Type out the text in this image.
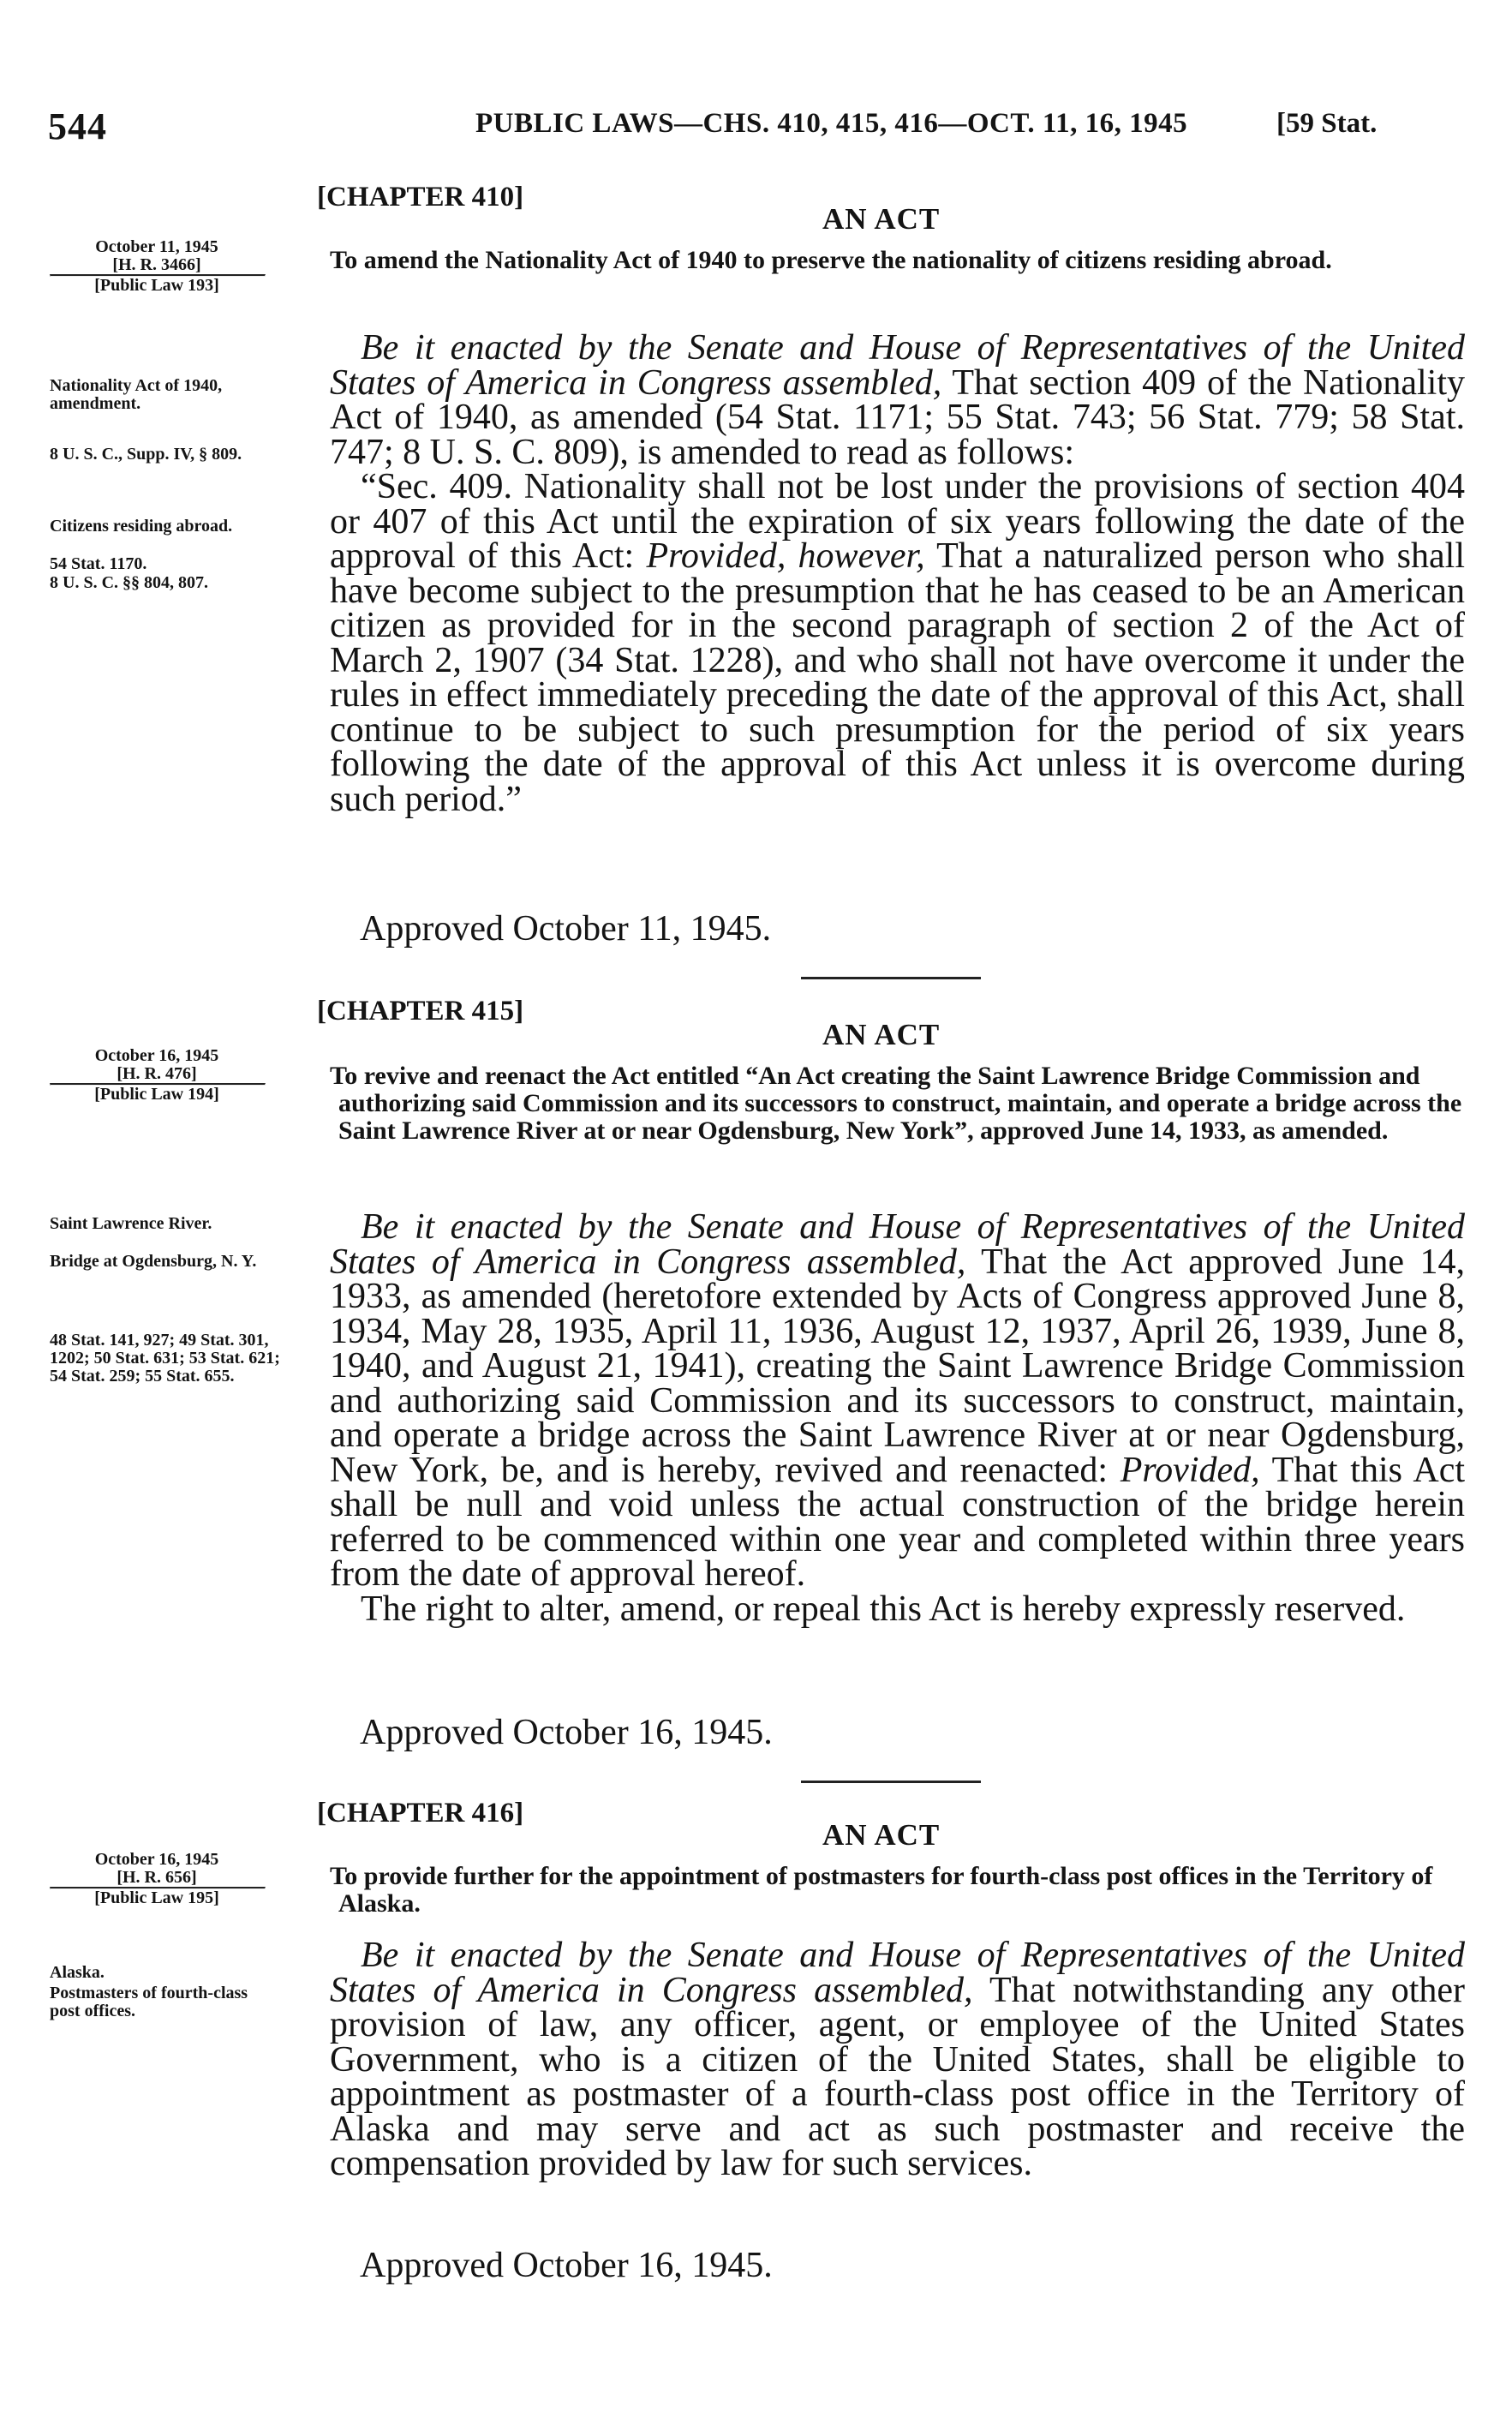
544	PUBLIC LAWS—CHS. 410, 415, 416—OCT. 11, 16, 1945	[59 Stat.
[CHAPTER 410]
AN ACT
To amend the Nationality Act of 1940 to preserve the nationality of citizens residing abroad.

October 11, 1945

[H. R. 3466]

[Public Law 193]

Nationality Act of 1940, amendment.
8 U. S. C., Supp. IV, § 809.
Citizens residing abroad.
54 Stat. 1170.
8 U. S. C. §§ 804, 807.

Be it enacted by the Senate and House of Representatives of the United States of America in Congress assembled, That section 409 of the Nationality Act of 1940, as amended (54 Stat. 1171; 55 Stat. 743; 56 Stat. 779; 58 Stat. 747; 8 U. S. C. 809), is amended to read as follows:

“Sec. 409. Nationality shall not be lost under the provisions of section 404 or 407 of this Act until the expiration of six years following the date of the approval of this Act: Provided, however, That a naturalized person who shall have become subject to the presumption that he has ceased to be an American citizen as provided for in the second paragraph of section 2 of the Act of March 2, 1907 (34 Stat. 1228), and who shall not have overcome it under the rules in effect immediately preceding the date of the approval of this Act, shall continue to be subject to such presumption for the period of six years following the date of the approval of this Act unless it is overcome during such period.”

Approved October 11, 1945.
[CHAPTER 415]
AN ACT
To revive and reenact the Act entitled “An Act creating the Saint Lawrence Bridge Commission and authorizing said Commission and its successors to construct, maintain, and operate a bridge across the Saint Lawrence River at or near Ogdensburg, New York”, approved June 14, 1933, as amended.

October 16, 1945

[H. R. 476]

[Public Law 194]

Saint Lawrence River.
Bridge at Ogdensburg, N. Y.
48 Stat. 141, 927; 49 Stat. 301, 1202; 50 Stat. 631; 53 Stat. 621; 54 Stat. 259; 55 Stat. 655.

Be it enacted by the Senate and House of Representatives of the United States of America in Congress assembled, That the Act approved June 14, 1933, as amended (heretofore extended by Acts of Congress approved June 8, 1934, May 28, 1935, April 11, 1936, August 12, 1937, April 26, 1939, June 8, 1940, and August 21, 1941), creating the Saint Lawrence Bridge Commission and authorizing said Commission and its successors to construct, maintain, and operate a bridge across the Saint Lawrence River at or near Ogdensburg, New York, be, and is hereby, revived and reenacted: Provided, That this Act shall be null and void unless the actual construction of the bridge herein referred to be commenced within one year and completed within three years from the date of approval hereof.

The right to alter, amend, or repeal this Act is hereby expressly reserved.

Approved October 16, 1945.
[CHAPTER 416]
AN ACT
To provide further for the appointment of postmasters for fourth-class post offices in the Territory of Alaska.

October 16, 1945

[H. R. 656]

[Public Law 195]

Alaska.
Postmasters of fourth-class post offices.

Be it enacted by the Senate and House of Representatives of the United States of America in Congress assembled, That notwithstanding any other provision of law, any officer, agent, or employee of the United States Government, who is a citizen of the United States, shall be eligible to appointment as postmaster of a fourth-class post office in the Territory of Alaska and may serve and act as such postmaster and receive the compensation provided by law for such services.

Approved October 16, 1945.
